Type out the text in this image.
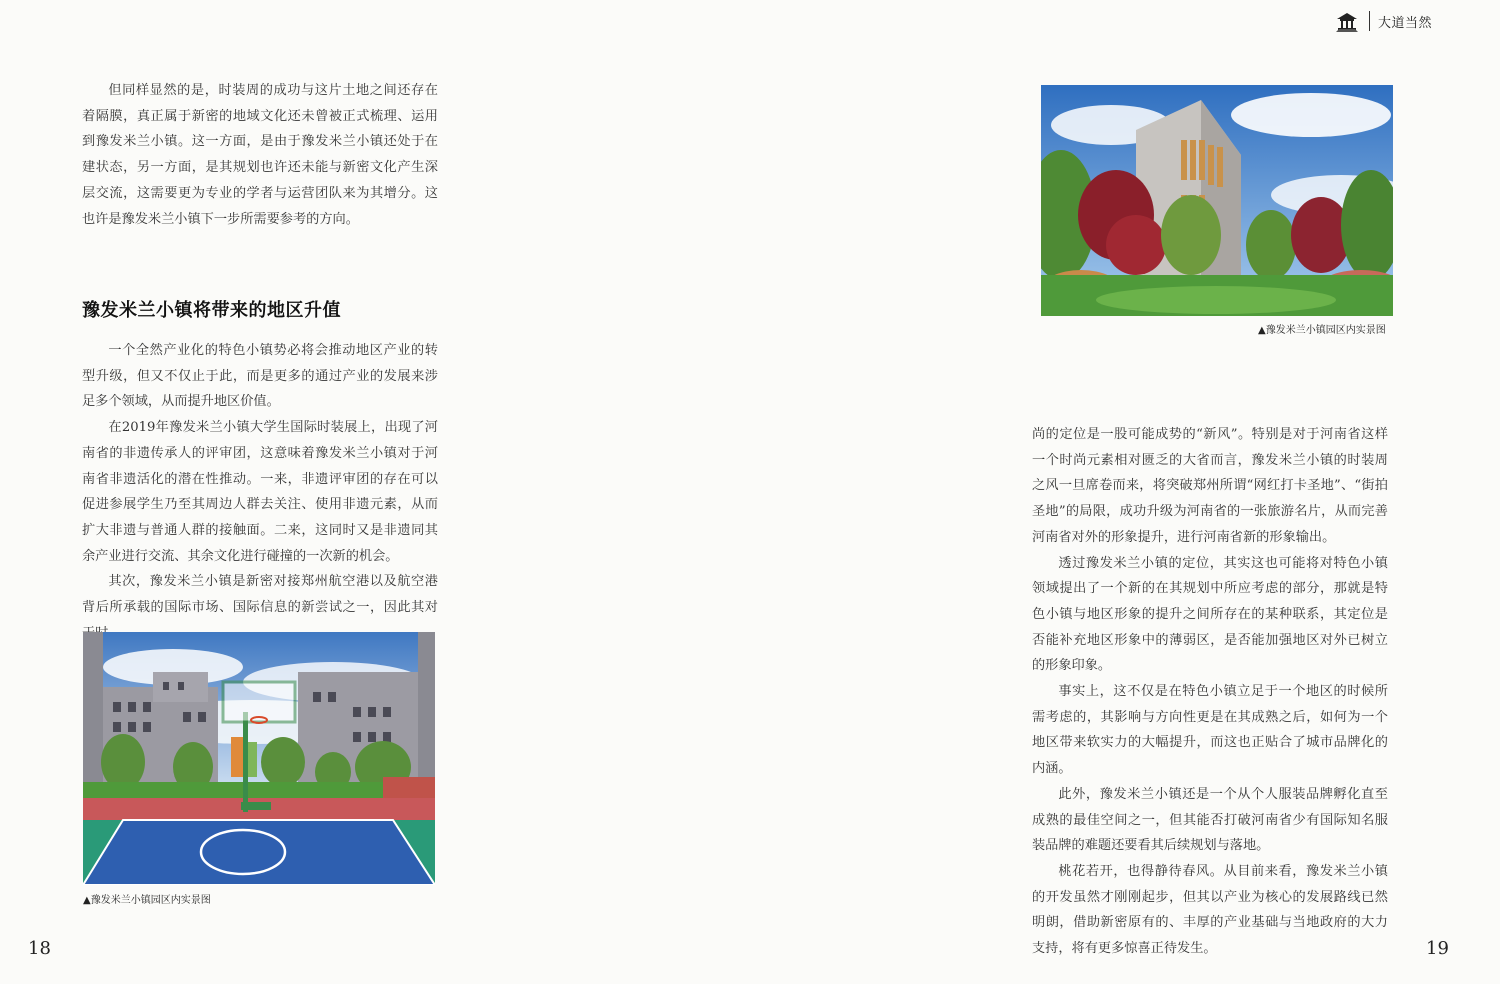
大道当然

但同样显然的是，时装周的成功与这片土地之间还存在着隔膜，真正属于新密的地域文化还未曾被正式梳理、运用到豫发米兰小镇。这一方面，是由于豫发米兰小镇还处于在建状态，另一方面，是其规划也许还未能与新密文化产生深层交流，这需要更为专业的学者与运营团队来为其增分。这也许是豫发米兰小镇下一步所需要参考的方向。

豫发米兰小镇将带来的地区升值

一个全然产业化的特色小镇势必将会推动地区产业的转型升级，但又不仅止于此，而是更多的通过产业的发展来涉足多个领域，从而提升地区价值。

在2019年豫发米兰小镇大学生国际时装展上，出现了河南省的非遗传承人的评审团，这意味着豫发米兰小镇对于河南省非遗活化的潜在性推动。一来，非遗评审团的存在可以促进参展学生乃至其周边人群去关注、使用非遗元素，从而扩大非遗与普通人群的接触面。二来，这同时又是非遗同其余产业进行交流、其余文化进行碰撞的一次新的机会。

其次，豫发米兰小镇是新密对接郑州航空港以及航空港背后所承载的国际市场、国际信息的新尝试之一，因此其对

▲豫发米兰小镇园区内实景图
18
▲豫发米兰小镇园区内实景图

尚的定位是一股可能成势的“新风”。特别是对于河南省这样一个时尚元素相对匮乏的大省而言，豫发米兰小镇的时装周之风一旦席卷而来，将突破郑州所谓“网红打卡圣地”、“街拍圣地”的局限，成功升级为河南省的一张旅游名片，从而完善河南省对外的形象提升，进行河南省新的形象输出。

透过豫发米兰小镇的定位，其实这也可能将对特色小镇领域提出了一个新的在其规划中所应考虑的部分，那就是特色小镇与地区形象的提升之间所存在的某种联系，其定位是否能补充地区形象中的薄弱区，是否能加强地区对外已树立的形象印象。

事实上，这不仅是在特色小镇立足于一个地区的时候所需考虑的，其影响与方向性更是在其成熟之后，如何为一个地区带来软实力的大幅提升，而这也正贴合了城市品牌化的内涵。

此外，豫发米兰小镇还是一个从个人服装品牌孵化直至成熟的最佳空间之一，但其能否打破河南省少有国际知名服装品牌的难题还要看其后续规划与落地。

桃花若开，也得静待春风。从目前来看，豫发米兰小镇的开发虽然才刚刚起步，但其以产业为核心的发展路线已然明朗，借助新密原有的、丰厚的产业基础与当地政府的大力支持，将有更多惊喜正待发生。	19
